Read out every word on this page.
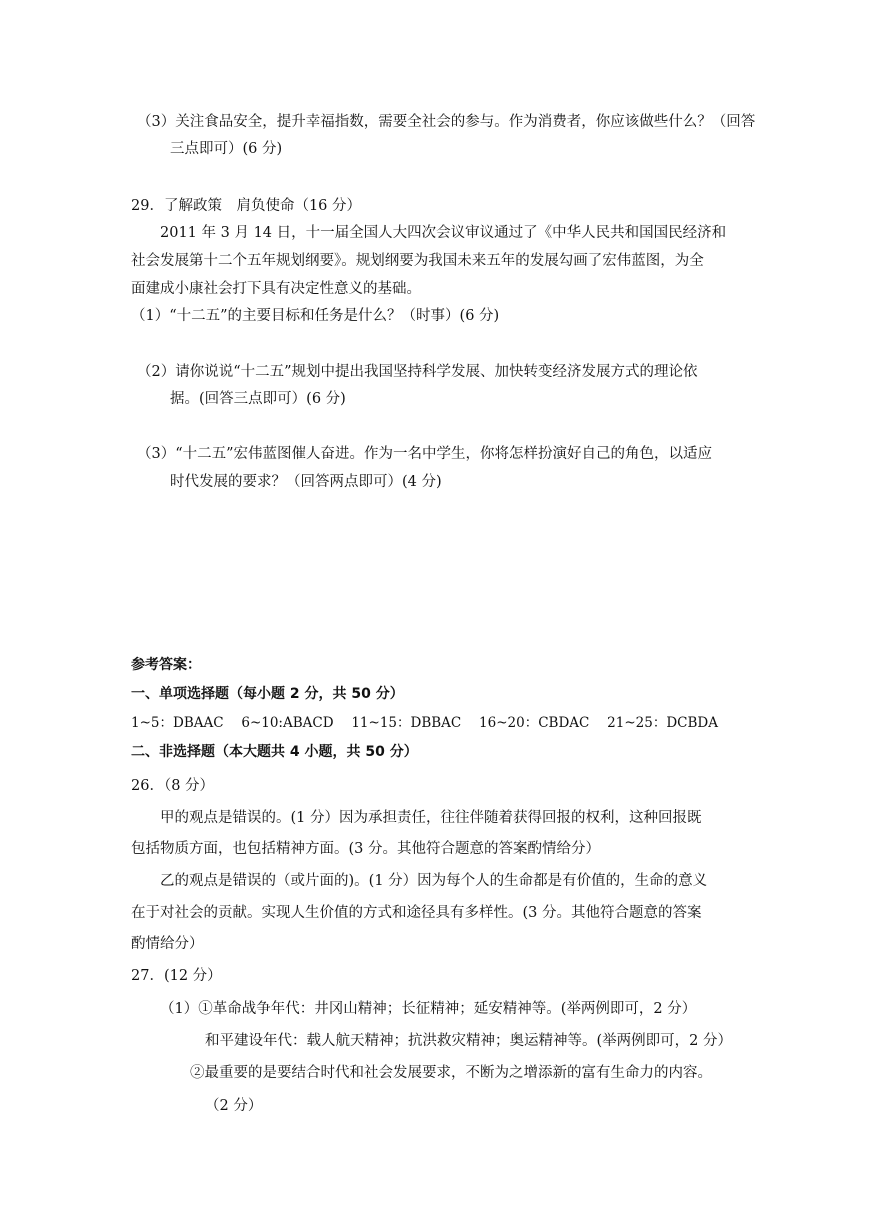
（3）关注食品安全，提升幸福指数，需要全社会的参与。作为消费者，你应该做些什么？（回答
三点即可）(6 分)
29．了解政策　肩负使命（16 分）
2011 年 3 月 14 日，十一届全国人大四次会议审议通过了《中华人民共和国国民经济和
社会发展第十二个五年规划纲要》。规划纲要为我国未来五年的发展勾画了宏伟蓝图，为全
面建成小康社会打下具有决定性意义的基础。
（1）“十二五”的主要目标和任务是什么？（时事）(6 分)
（2）请你说说“十二五”规划中提出我国坚持科学发展、加快转变经济发展方式的理论依
据。(回答三点即可）(6 分)
（3）“十二五”宏伟蓝图催人奋进。作为一名中学生，你将怎样扮演好自己的角色，以适应
时代发展的要求？（回答两点即可）(4 分)
参考答案：
一、单项选择题（每小题 2 分，共 50 分）
1~5：DBAAC　 6~10:ABACD　 11~15：DBBAC　 16~20：CBDAC　 21~25：DCBDA
二、非选择题（本大题共 4 小题，共 50 分）
26．（8 分）
甲的观点是错误的。(1 分）因为承担责任，往往伴随着获得回报的权利，这种回报既
包括物质方面，也包括精神方面。(3 分。其他符合题意的答案酌情给分）
乙的观点是错误的（或片面的)。(1 分）因为每个人的生命都是有价值的，生命的意义
在于对社会的贡献。实现人生价值的方式和途径具有多样性。(3 分。其他符合题意的答案
酌情给分）
27．(12 分）
（1）①革命战争年代：井冈山精神；长征精神；延安精神等。(举两例即可，2 分）
和平建设年代：载人航天精神；抗洪救灾精神；奥运精神等。(举两例即可，2 分）
②最重要的是要结合时代和社会发展要求，不断为之增添新的富有生命力的内容。
（2 分）
